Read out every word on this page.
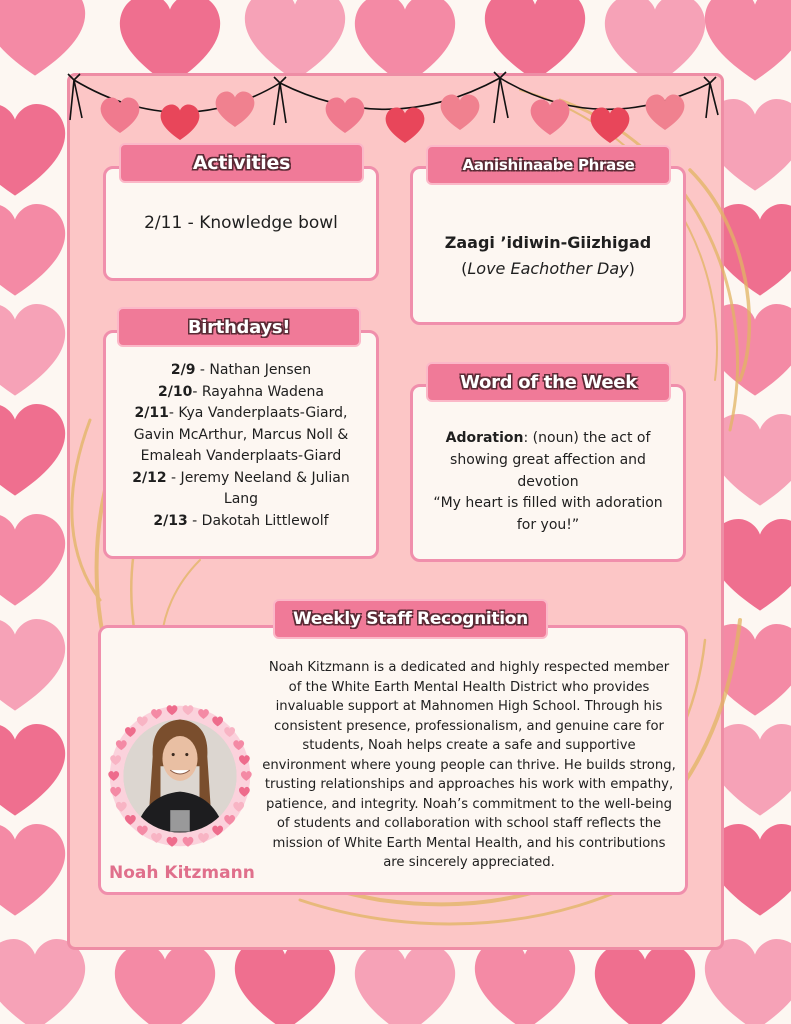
2/11 - Knowledge bowl
Activities
Zaagi ’idiwin-Giizhigad
(Love Eachother Day)
Aanishinaabe Phrase
2/9 - Nathan Jensen
2/10- Rayahna Wadena
2/11- Kya Vanderplaats-Giard, Gavin McArthur, Marcus Noll & Emaleah Vanderplaats-Giard
2/12 - Jeremy Neeland & Julian Lang
2/13 - Dakotah Littlewolf
Birthdays!
Adoration: (noun) the act of showing great affection and devotion
“My heart is filled with adoration for you!”
Word of the Week
Noah Kitzmann is a dedicated and highly respected member of the White Earth Mental Health District who provides invaluable support at Mahnomen High School. Through his consistent presence, professionalism, and genuine care for students, Noah helps create a safe and supportive environment where young people can thrive. He builds strong, trusting relationships and approaches his work with empathy, patience, and integrity. Noah’s commitment to the well-being of students and collaboration with school staff reflects the mission of White Earth Mental Health, and his contributions are sincerely appreciated.
Weekly Staff Recognition
Noah Kitzmann
